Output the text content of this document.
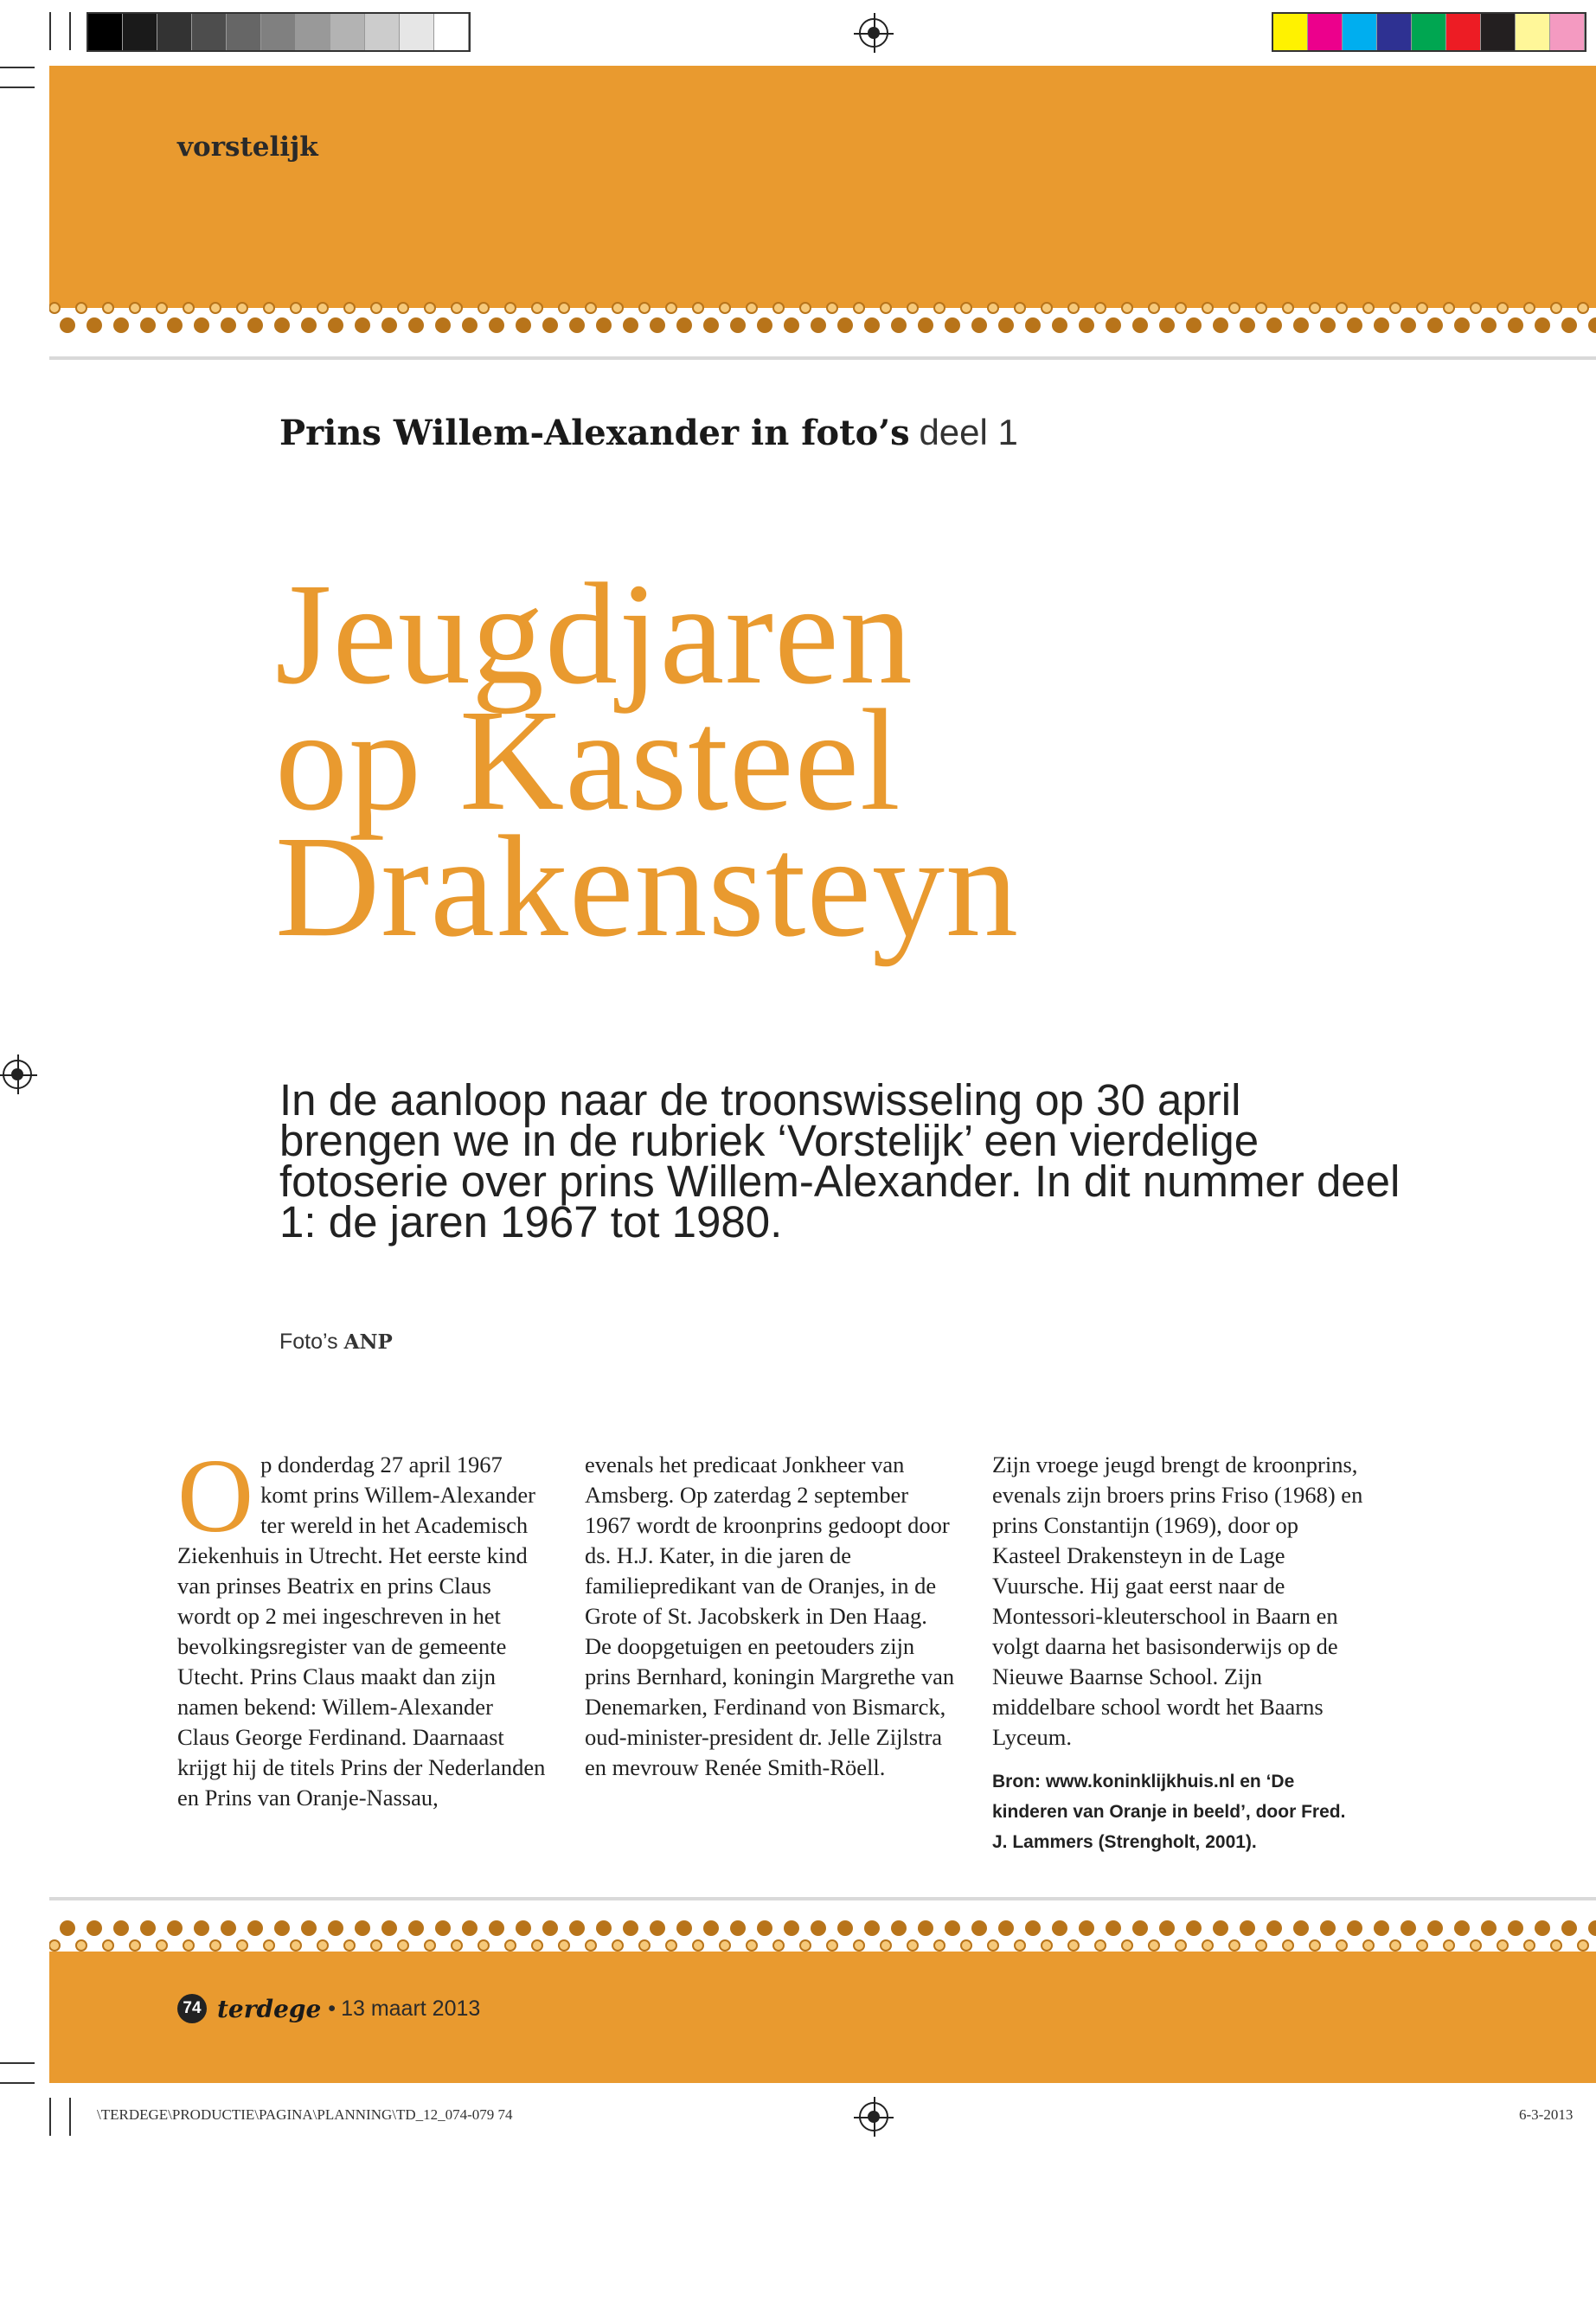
vorstelijk
Prins Willem-Alexander in foto’s deel 1
Jeugdjaren
op Kasteel
Drakensteyn
In de aanloop naar de troonswisseling op 30 april brengen we in de rubriek ‘Vorstelijk’ een vierdelige fotoserie over prins Willem-Alexander. In dit nummer deel 1: de jaren 1967 tot 1980.
Foto’s ANP

Op donderdag 27 april 1967 komt prins Willem-Alexander ter wereld in het Academisch Ziekenhuis in Utrecht. Het eerste kind van prinses Beatrix en prins Claus wordt op 2 mei ingeschreven in het bevolkingsregister van de gemeente Utecht. Prins Claus maakt dan zijn namen bekend: Willem-Alexander Claus George Ferdinand. Daarnaast krijgt hij de titels Prins der Nederlanden en Prins van Oranje-Nassau,

evenals het predicaat Jonkheer van Amsberg. Op zaterdag 2 september 1967 wordt de kroonprins gedoopt door ds. H.J. Kater, in die jaren de familiepredikant van de Oranjes, in de Grote of St. Jacobskerk in Den Haag. De doopgetuigen en peetouders zijn prins Bernhard, koningin Margrethe van Denemarken, Ferdinand von Bismarck, oud-minister-president dr. Jelle Zijlstra en mevrouw Renée Smith-Röell.

Zijn vroege jeugd brengt de kroonprins, evenals zijn broers prins Friso (1968) en prins Constantijn (1969), door op Kasteel Drakensteyn in de Lage Vuursche. Hij gaat eerst naar de Montessori-kleuterschool in Baarn en volgt daarna het basisonderwijs op de Nieuwe Baarnse School. Zijn middelbare school wordt het Baarns Lyceum.

Bron: www.koninklijkhuis.nl en ‘De kinderen van Oranje in beeld’, door Fred. J. Lammers (Strengholt, 2001).

74 terdege • 13 maart 2013
\TERDEGE\PRODUCTIE\PAGINA\PLANNING\TD_12_074-079 74	6-3-2013
